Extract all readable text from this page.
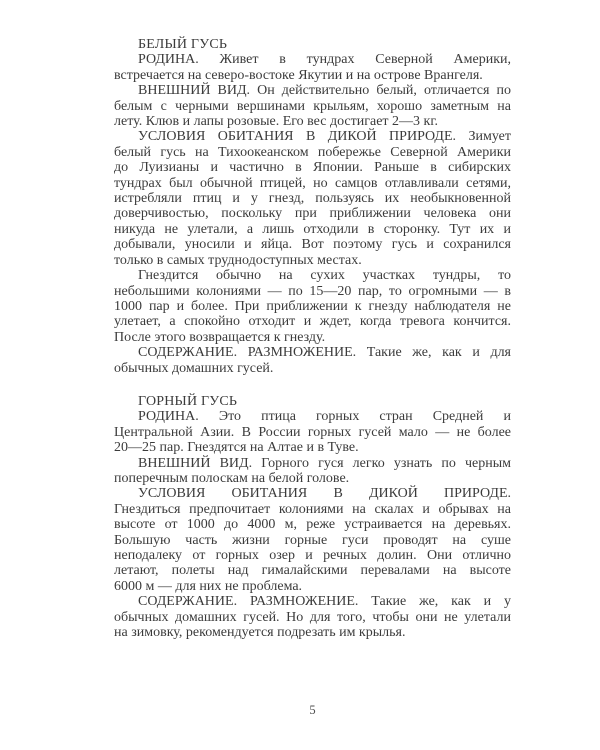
БЕЛЫЙ ГУСЬ
РОДИНА. Живет в тундрах Северной Америки,
встречается на северо-востоке Якутии и на острове Врангеля.
ВНЕШНИЙ ВИД. Он действительно белый, отличается по
белым с черными вершинами крыльям, хорошо заметным на
лету. Клюв и лапы розовые. Его вес достигает 2—3 кг.
УСЛОВИЯ ОБИТАНИЯ В ДИКОЙ ПРИРОДЕ. Зимует
белый гусь на Тихоокеанском побережье Северной Америки
до Луизианы и частично в Японии. Раньше в сибирских
тундрах был обычной птицей, но самцов отлавливали сетями,
истребляли птиц и у гнезд, пользуясь их необыкновенной
доверчивостью, поскольку при приближении человека они
никуда не улетали, а лишь отходили в сторонку. Тут их и
добывали, уносили и яйца. Вот поэтому гусь и сохранился
только в самых труднодоступных местах.
Гнездится обычно на сухих участках тундры, то
небольшими колониями — по 15—20 пар, то огромными — в
1000 пар и более. При приближении к гнезду наблюдателя не
улетает, а спокойно отходит и ждет, когда тревога кончится.
После этого возвращается к гнезду.
СОДЕРЖАНИЕ. РАЗМНОЖЕНИЕ. Такие же, как и для
обычных домашних гусей.
ГОРНЫЙ ГУСЬ
РОДИНА. Это птица горных стран Средней и
Центральной Азии. В России горных гусей мало — не более
20—25 пар. Гнездятся на Алтае и в Туве.
ВНЕШНИЙ ВИД. Горного гуся легко узнать по черным
поперечным полоскам на белой голове.
УСЛОВИЯ ОБИТАНИЯ В ДИКОЙ ПРИРОДЕ.
Гнездиться предпочитает колониями на скалах и обрывах на
высоте от 1000 до 4000 м, реже устраивается на деревьях.
Большую часть жизни горные гуси проводят на суше
неподалеку от горных озер и речных долин. Они отлично
летают, полеты над гималайскими перевалами на высоте
6000 м — для них не проблема.
СОДЕРЖАНИЕ. РАЗМНОЖЕНИЕ. Такие же, как и у
обычных домашних гусей. Но для того, чтобы они не улетали
на зимовку, рекомендуется подрезать им крылья.
5
